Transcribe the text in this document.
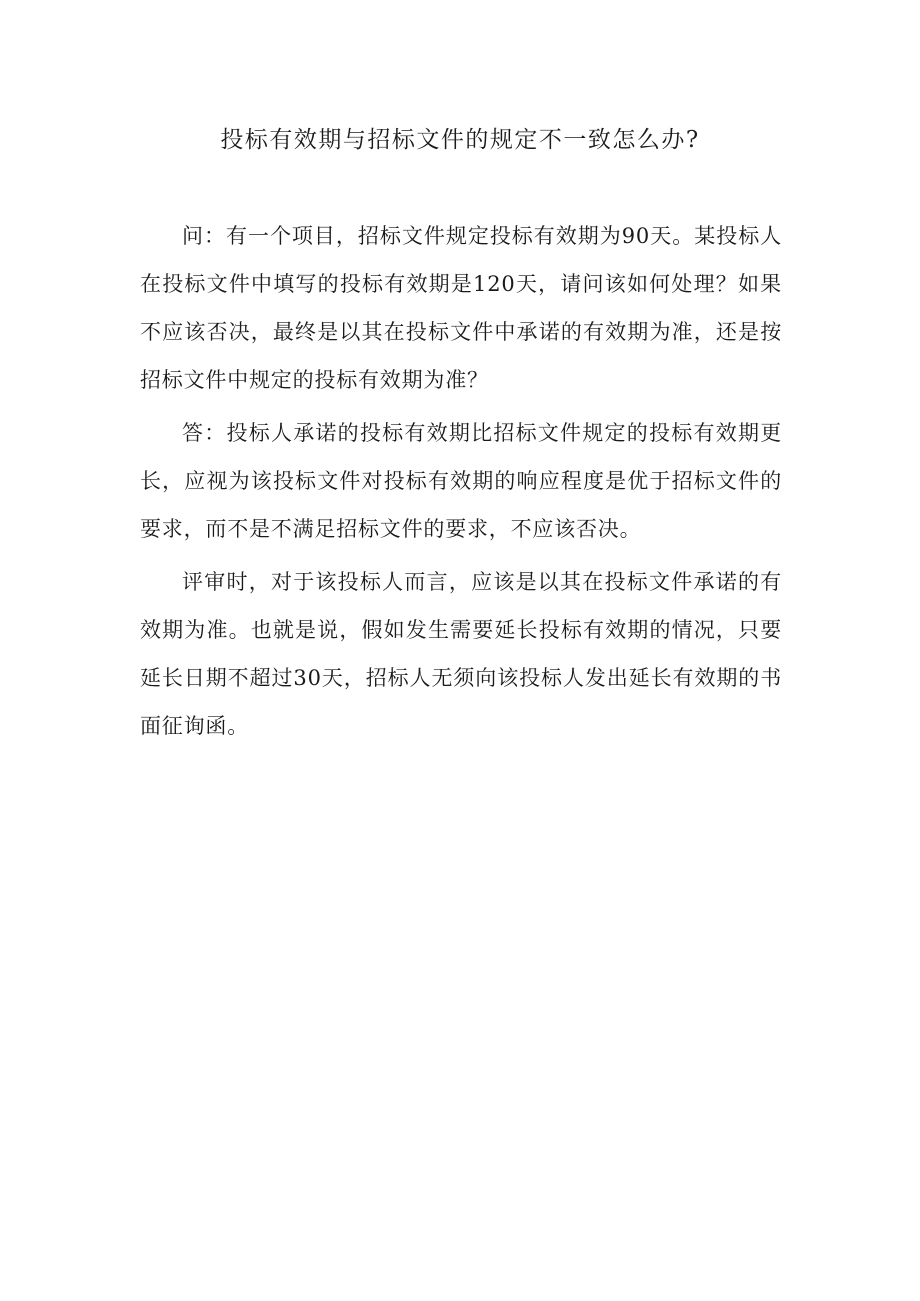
投标有效期与招标文件的规定不一致怎么办?

问：有一个项目，招标文件规定投标有效期为90天。某投标人在投标文件中填写的投标有效期是120天，请问该如何处理？如果不应该否决，最终是以其在投标文件中承诺的有效期为准，还是按招标文件中规定的投标有效期为准？

答：投标人承诺的投标有效期比招标文件规定的投标有效期更长，应视为该投标文件对投标有效期的响应程度是优于招标文件的要求，而不是不满足招标文件的要求，不应该否决。

评审时，对于该投标人而言，应该是以其在投标文件承诺的有效期为准。也就是说，假如发生需要延长投标有效期的情况，只要延长日期不超过30天，招标人无须向该投标人发出延长有效期的书面征询函。
